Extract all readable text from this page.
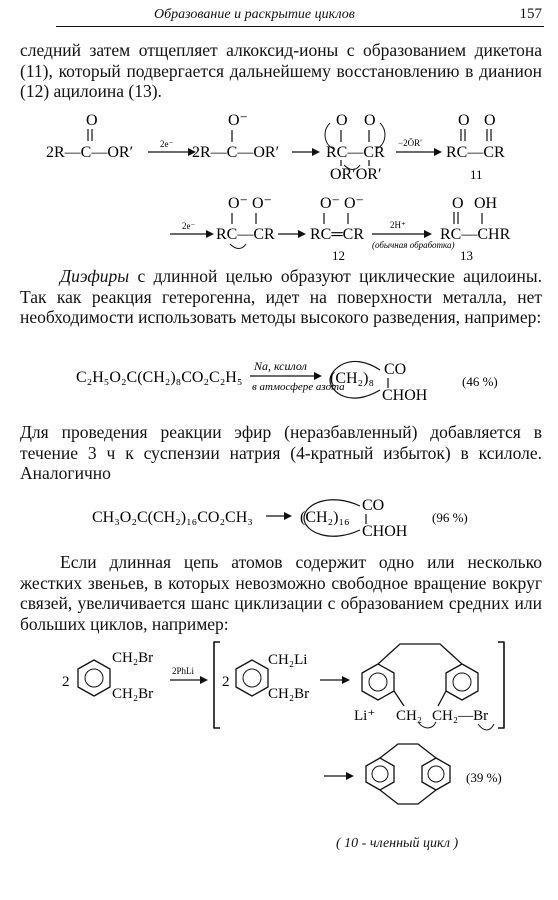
Образование и раскрытие циклов	157

следний затем отщепляет алкоксид-ионы с образованием дикетона (11), который подвергается дальнейшему восстановлению в дианион (12) ацилоина (13).

O
2R—C—OR′	2e⁻
O⁻
2R—C—OR′
O O
RC—CR
OR′OR′
−2ŌR′
O O
RC—CR
11
2e⁻
O⁻ O⁻
RC—CR
O⁻ O⁻
RC═CR
12
2H⁺
(обычная обработка)
O OH
RC—CHR
13

Диэфиры с длинной целью образуют циклические ацилоины. Так как реакция гетерогенна, идет на поверхности металла, нет необходимости использовать методы высокого разведения, например:

C₂H₅O₂C(CH₂)₈CO₂C₂H₅
Na, ксилол
в атмосфере азота
(CH₂)₈
CO
CHOH
(46 %)

Для проведения реакции эфир (неразбавленный) добавляется в течение 3 ч к суспензии натрия (4-кратный избыток) в ксилоле. Аналогично

CH₃O₂C(CH₂)₁₆CO₂CH₃	(CH₂)₁₆
CO
CHOH
(96 %)

Если длинная цепь атомов содержит одно или несколько жестких звеньев, в которых невозможно свободное вращение вокруг связей, увеличивается шанс циклизации с образованием средних или больших циклов, например:

2
CH₂Br
CH₂Br
2PhLi
2
CH₂Li
CH₂Br
Li⁺ CH₂ CH₂—Br
(39 %)
( 10 - членный цикл )
